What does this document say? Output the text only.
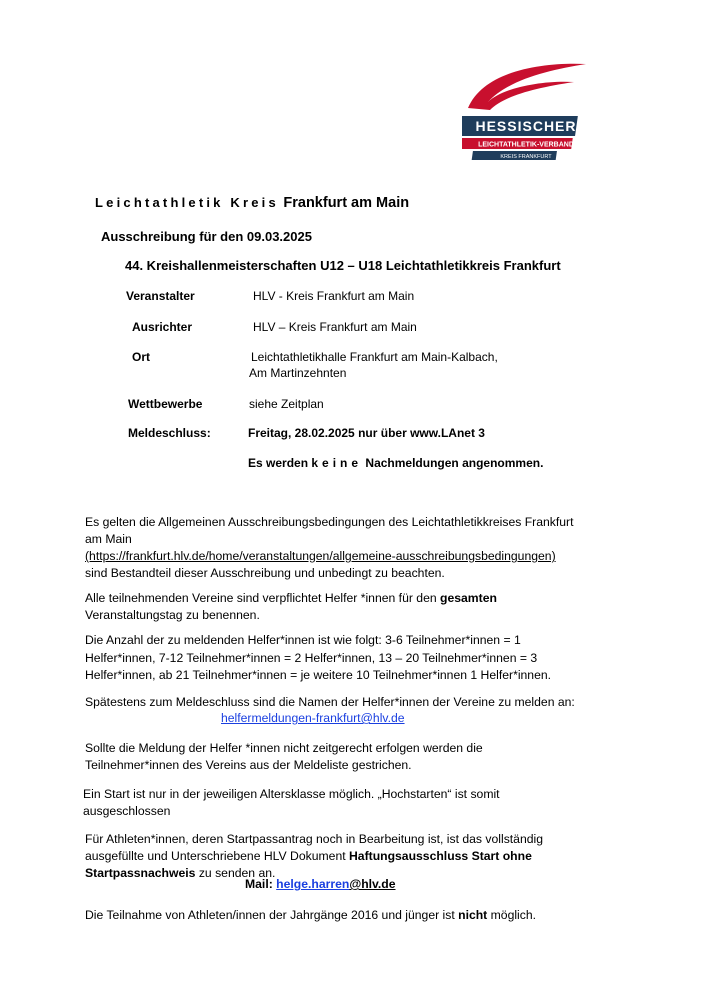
HESSISCHER
LEICHTATHLETIK-VERBAND
KREIS FRANKFURT
Leichtathletik Kreis Frankfurt am Main
Ausschreibung für den 09.03.2025
44. Kreishallenmeisterschaften U12 – U18 Leichtathletikkreis Frankfurt
Veranstalter	HLV - Kreis Frankfurt am Main
Ausrichter	HLV – Kreis Frankfurt am Main
Ort	Leichtathletikhalle Frankfurt am Main-Kalbach,
Am Martinzehnten
Wettbewerbe	siehe Zeitplan
Meldeschluss:	Freitag, 28.02.2025 nur über www.LAnet 3
Es werden keine Nachmeldungen angenommen.
Es gelten die Allgemeinen Ausschreibungsbedingungen des Leichtathletikkreises Frankfurt
am Main
(https://frankfurt.hlv.de/home/veranstaltungen/allgemeine-ausschreibungsbedingungen)
sind Bestandteil dieser Ausschreibung und unbedingt zu beachten.
Alle teilnehmenden Vereine sind verpflichtet Helfer *innen für den gesamten
Veranstaltungstag zu benennen.
Die Anzahl der zu meldenden Helfer*innen ist wie folgt: 3-6 Teilnehmer*innen = 1
Helfer*innen, 7-12 Teilnehmer*innen = 2 Helfer*innen, 13 – 20 Teilnehmer*innen = 3
Helfer*innen, ab 21 Teilnehmer*innen = je weitere 10 Teilnehmer*innen 1 Helfer*innen.
Spätestens zum Meldeschluss sind die Namen der Helfer*innen der Vereine zu melden an:
helfermeldungen-frankfurt@hlv.de
Sollte die Meldung der Helfer *innen nicht zeitgerecht erfolgen werden die
Teilnehmer*innen des Vereins aus der Meldeliste gestrichen.
Ein Start ist nur in der jeweiligen Altersklasse möglich. „Hochstarten“ ist somit
ausgeschlossen
Für Athleten*innen, deren Startpassantrag noch in Bearbeitung ist, ist das vollständig
ausgefüllte und Unterschriebene HLV Dokument Haftungsausschluss Start ohne
Startpassnachweis zu senden an.
Mail: helge.harren@hlv.de
Die Teilnahme von Athleten/innen der Jahrgänge 2016 und jünger ist nicht möglich.
